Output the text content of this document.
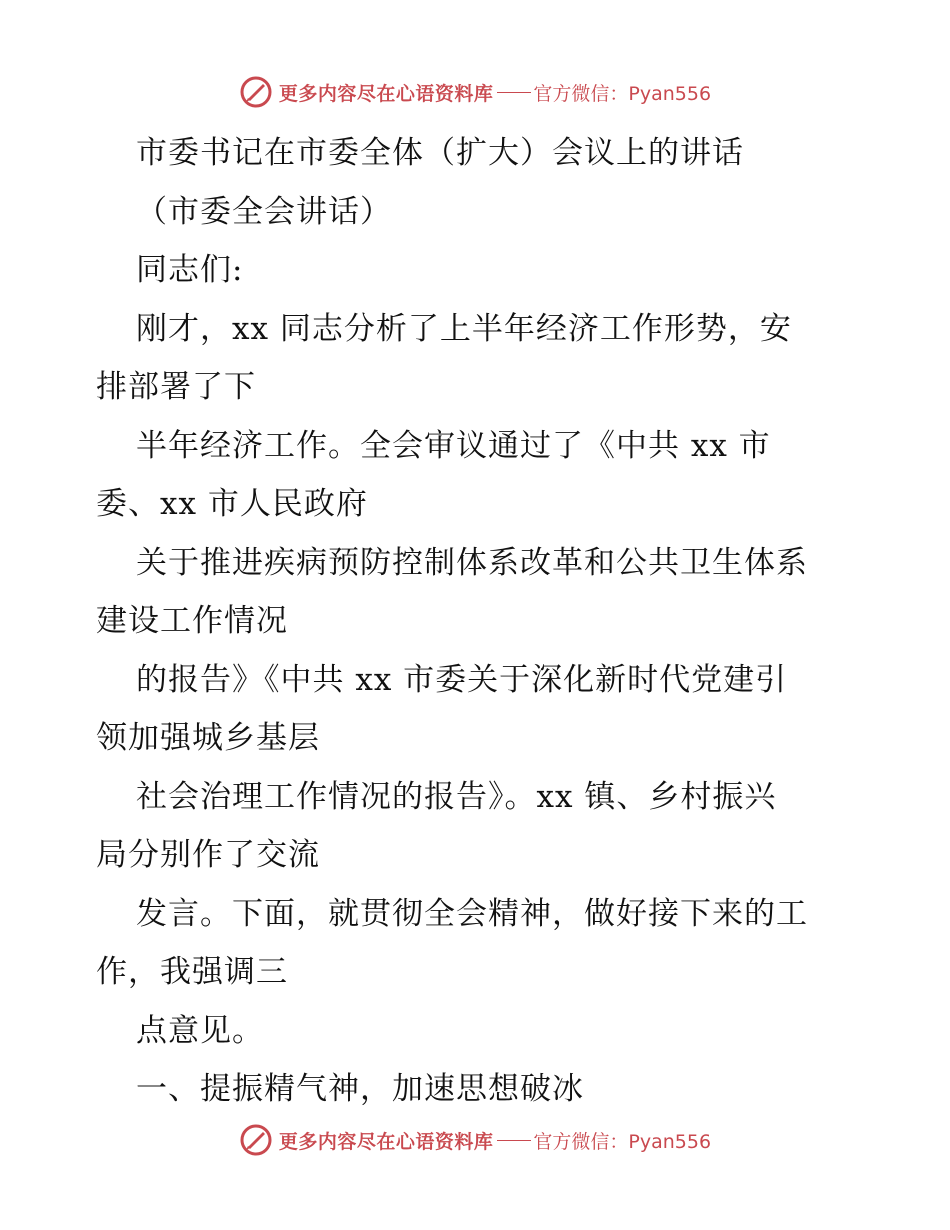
更多内容尽在心语资料库 官方微信：Pyan556
市委书记在市委全体（扩大）会议上的讲话
（市委全会讲话）
同志们:
刚才，xx 同志分析了上半年经济工作形势，安
排部署了下
半年经济工作。全会审议通过了《中共 xx 市
委、xx 市人民政府
关于推进疾病预防控制体系改革和公共卫生体系
建设工作情况
的报告》《中共 xx 市委关于深化新时代党建引
领加强城乡基层
社会治理工作情况的报告》。xx 镇、乡村振兴
局分别作了交流
发言。下面，就贯彻全会精神，做好接下来的工
作，我强调三
点意见。
一、提振精气神，加速思想破冰
更多内容尽在心语资料库 官方微信：Pyan556
